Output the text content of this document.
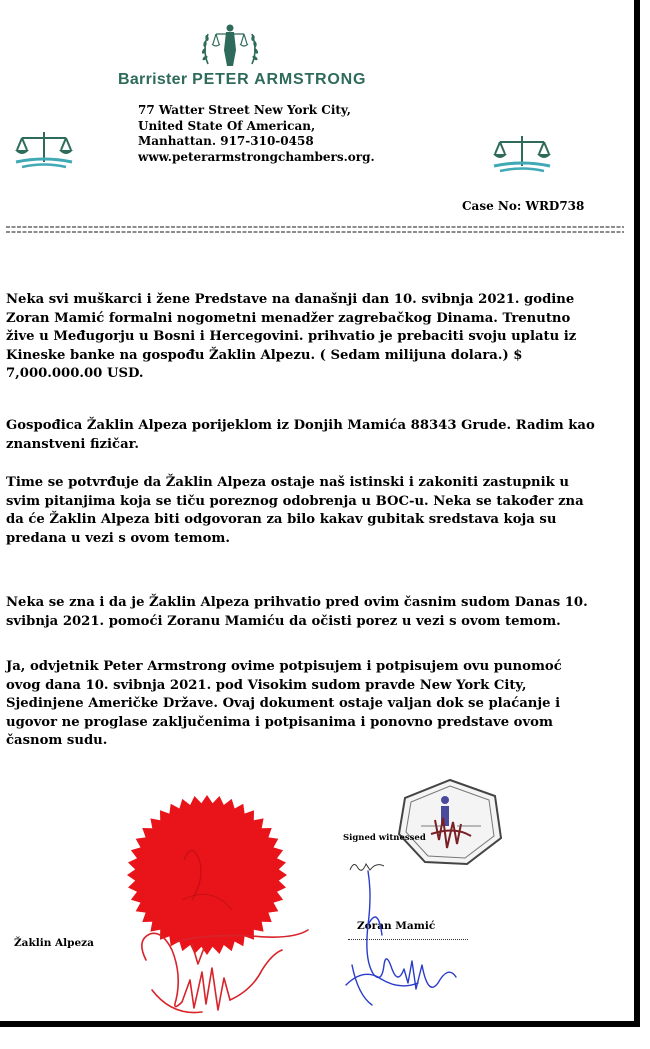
Barrister PETER ARMSTRONG
77 Watter Street New York City,
United State Of American,
Manhattan. 917-310-0458
www.peterarmstrongchambers.org.
Case No: WRD738

Neka svi muškarci i žene Predstave na današnji dan 10. svibnja 2021. godine

Zoran Mamić formalni nogometni menadžer zagrebačkog Dinama. Trenutno

žive u Međugorju u Bosni i Hercegovini. prihvatio je prebaciti svoju uplatu iz

Kineske banke na gospođu Žaklin Alpezu. ( Sedam milijuna dolara.) $

7,000.000.00 USD.

Gospođica Žaklin Alpeza porijeklom iz Donjih Mamića 88343 Grude. Radim kao

znanstveni fizičar.

Time se potvrđuje da Žaklin Alpeza ostaje naš istinski i zakoniti zastupnik u

svim pitanjima koja se tiču poreznog odobrenja u BOC-u. Neka se također zna

da će Žaklin Alpeza biti odgovoran za bilo kakav gubitak sredstava koja su

predana u vezi s ovom temom.

Neka se zna i da je Žaklin Alpeza prihvatio pred ovim časnim sudom Danas 10.

svibnja 2021. pomoći Zoranu Mamiću da očisti porez u vezi s ovom temom.

Ja, odvjetnik Peter Armstrong ovime potpisujem i potpisujem ovu punomoć

ovog dana 10. svibnja 2021. pod Visokim sudom pravde New York City,

Sjedinjene Američke Države. Ovaj dokument ostaje valjan dok se plaćanje i

ugovor ne proglase zaključenima i potpisanima i ponovno predstave ovom

časnom sudu.

Signed witnessed
Zoran Mamić
Žaklin Alpeza
